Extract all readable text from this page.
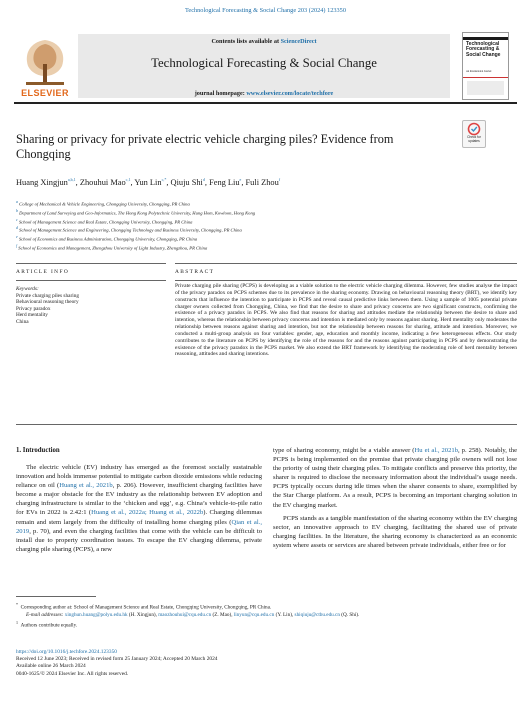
Technological Forecasting & Social Change 203 (2024) 123350
ELSEVIER
Contents lists available at ScienceDirect
Technological Forecasting & Social Change
journal homepage: www.elsevier.com/locate/techfore
Technological Forecasting & Social Change
An International Journal
Sharing or privacy for private electric vehicle charging piles? Evidence from Chongqing
Check for updates
Huang Xingjun$^{a,b,1}$, Zhouhui Mao$^{c,1}$, Yun Lin$^{c,*}$, Qiuju Shi$^d$, Feng Liu$^e$, Fuli Zhou$^f$
a College of Mechanical & Vehicle Engineering, Chongqing University, Chongqing, PR China
b Department of Land Surveying and Geo-Informatics, The Hong Kong Polytechnic University, Hung Hom, Kowloon, Hong Kong
c School of Management Science and Real Estate, Chongqing University, Chongqing, PR China
d School of Management Science and Engineering, Chongqing Technology and Business University, Chongqing, PR China
e School of Economics and Business Administration, Chongqing University, Chongqing, PR China
f School of Economics and Management, Zhengzhou University of Light Industry, Zhengzhou, PR China
ARTICLE INFO	ABSTRACT
Keywords:
Private charging piles sharing
Behavioural reasoning theory
Privacy paradox
Herd mentality
China
Private charging pile sharing (PCPS) is developing as a viable solution to the electric vehicle charging dilemma. However, few studies analyse the impact of the privacy paradox on PCPS schemes due to its prevalence in the sharing economy. Drawing on behavioural reasoning theory (BRT), we identify key constructs that influence the intention to participate in PCPS and reveal causal predictive links between them. Using a sample of 1005 potential private charger owners collected from Chongqing, China, we find that the desire to share and privacy concerns are two significant constructs, confirming the existence of a privacy paradox in PCPS. We also find that reasons for sharing and attitudes mediate the relationship between the desire to share and intention, whereas the relationship between privacy concerns and intention is mediated only by reasons against sharing. Herd mentality only moderates the relationship between reasons against sharing and intention, but not the relationship between reasons for sharing, attitude and intention. Moreover, we conducted a multi-group analysis on four variables: gender, age, education and monthly income, indicating a few heterogeneous effects. Our study contributes to the literature on PCPS by identifying the role of the reasons for and the reasons against participating in PCPS and by demonstrating the existence of the privacy paradox in the PCPS market. We also extend the BRT framework by identifying the moderating role of herd mentality between reasoning, attitudes and sharing intentions.
1. Introduction

The electric vehicle (EV) industry has emerged as the foremost socially sustainable innovation and holds immense potential to mitigate carbon dioxide emissions while reducing reliance on oil (Huang et al., 2021b, p. 206). However, insufficient charging facilities have become a major obstacle for the EV industry as the relationship between EV adoption and charging infrastructure is similar to the ‘chicken and egg’, e.g. China’s vehicle-to-pile ratio for EVs in 2022 is 2.42:1 (Huang et al., 2022a; Huang et al., 2022b). Charging dilemmas remain and stem largely from the difficulty of installing home charging piles (Qian et al., 2019, p. 70), and even the charging facilities that come with the vehicle can be difficult to install due to property coordination issues. To escape the EV charging dilemma, private charging pile sharing (PCPS), a new

type of sharing economy, might be a viable answer (Hu et al., 2021b, p. 258). Notably, the PCPS is being implemented on the premise that private charging pile owners will not lose the priority of using their charging piles. To mitigate conflicts and preserve this priority, the sharer is required to disclose the necessary information about the individual’s usage needs. PCPS typically occurs during idle times when the sharer consents to share, exemplified by the Star Charge platform. As a result, PCPS is becoming an important charging solution in the EV charging market.

PCPS stands as a tangible manifestation of the sharing economy within the EV charging sector, an innovative approach to EV charging, facilitating the shared use of private charging facilities. In the literature, the sharing economy is characterized as an economic system where assets or services are shared between private individuals, either free or for

*  Corresponding author at: School of Management Science and Real Estate, Chongqing University, Chongqing, PR China.
E-mail addresses: xinghun.huang@polyu.edu.hk (H. Xingjun), maozhouhui@cqu.edu.cn (Z. Mao), linyun@cqu.edu.cn (Y. Lin), shiqiuju@ctbu.edu.cn (Q. Shi).
$^1$  Authors contribute equally.
https://doi.org/10.1016/j.techfore.2024.123350
Received 12 June 2023; Received in revised form 25 January 2024; Accepted 20 March 2024
Available online 26 March 2024
0040-1625/© 2024 Elsevier Inc. All rights reserved.
